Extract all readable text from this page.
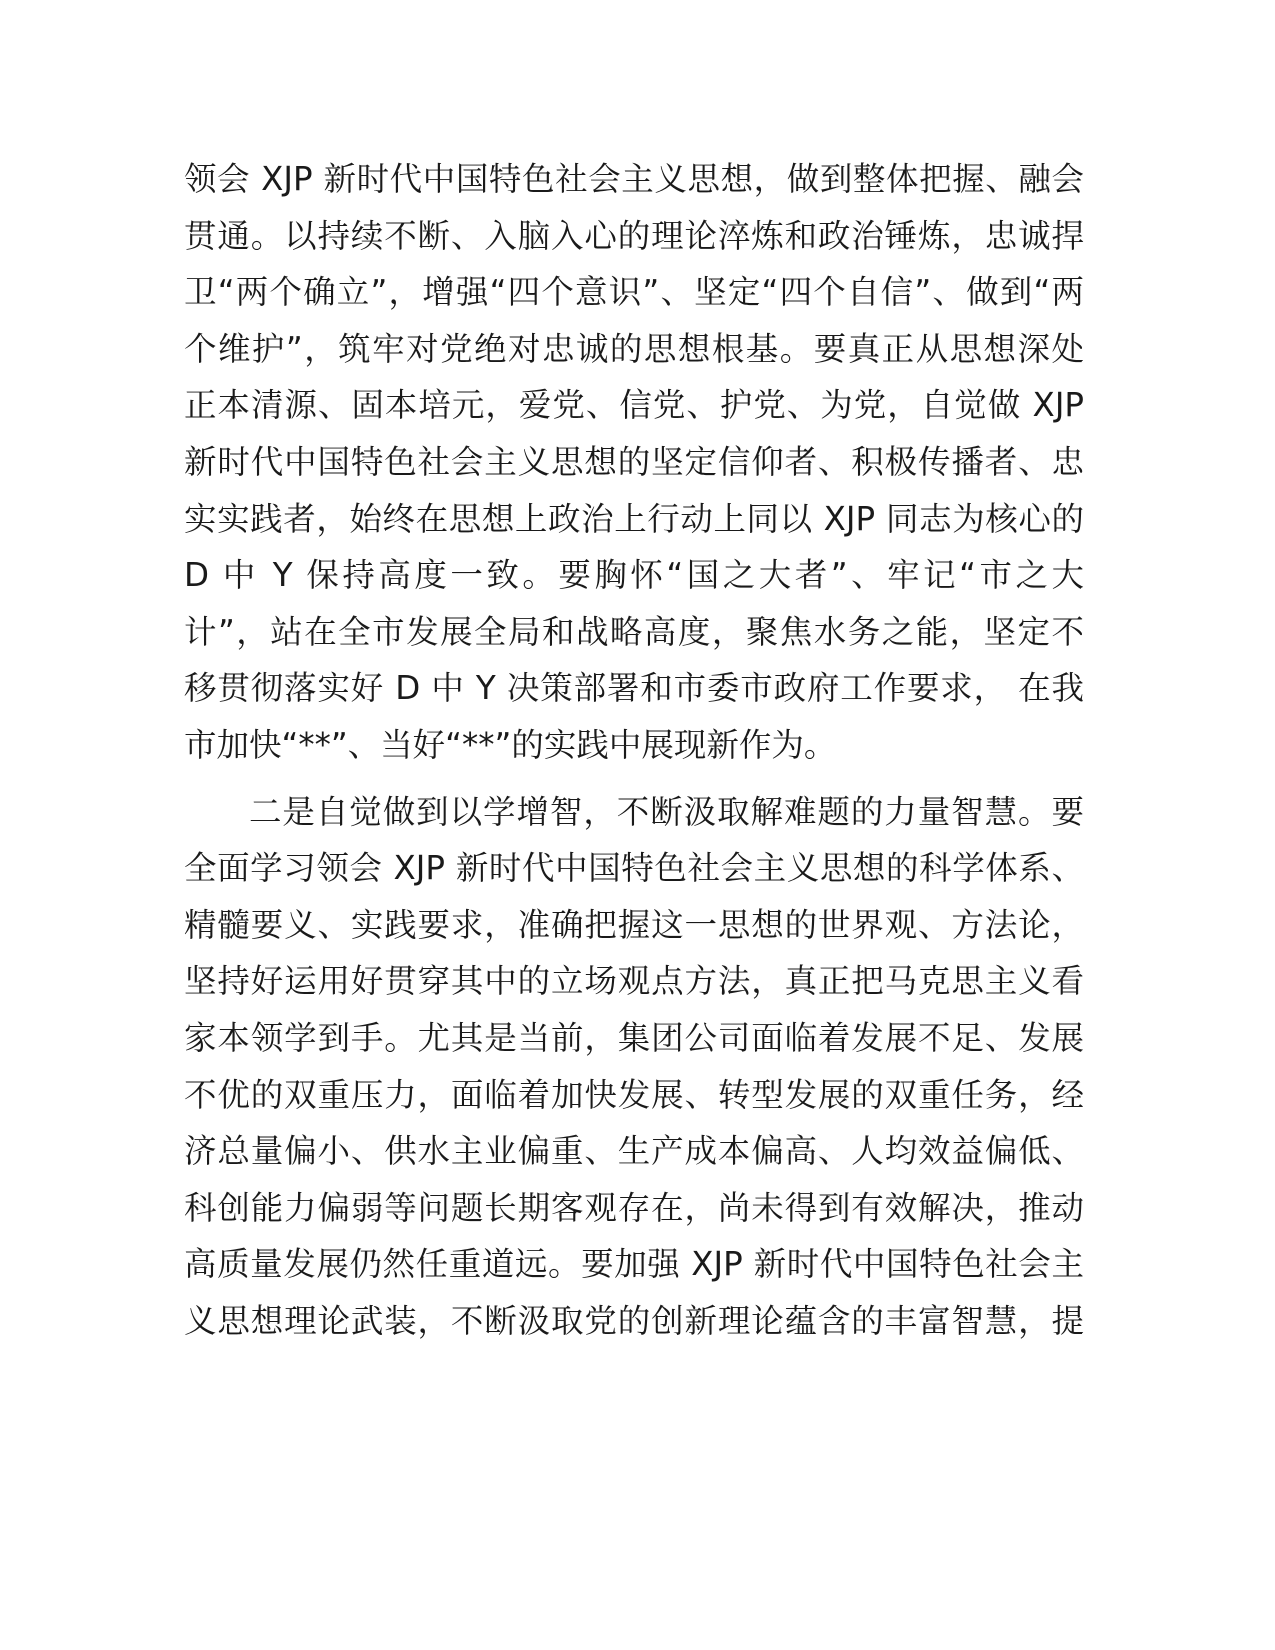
领会 XJP 新时代中国特色社会主义思想，做到整体把握、融会
贯通。以持续不断、入脑入心的理论淬炼和政治锤炼，忠诚捍
卫“两个确立”，增强“四个意识”、坚定“四个自信”、做到“两
个维护”，筑牢对党绝对忠诚的思想根基。要真正从思想深处
正本清源、固本培元，爱党、信党、护党、为党，自觉做 XJP
新时代中国特色社会主义思想的坚定信仰者、积极传播者、忠
实实践者，始终在思想上政治上行动上同以 XJP 同志为核心的
D 中 Y 保持高度一致。要胸怀“国之大者”、牢记“市之大
计”，站在全市发展全局和战略高度，聚焦水务之能，坚定不
移贯彻落实好 D 中 Y 决策部署和市委市政府工作要求， 在我
市加快“**”、当好“**”的实践中展现新作为。
二是自觉做到以学增智，不断汲取解难题的力量智慧。要
全面学习领会 XJP 新时代中国特色社会主义思想的科学体系、
精髓要义、实践要求，准确把握这一思想的世界观、方法论，
坚持好运用好贯穿其中的立场观点方法，真正把马克思主义看
家本领学到手。尤其是当前，集团公司面临着发展不足、发展
不优的双重压力，面临着加快发展、转型发展的双重任务，经
济总量偏小、供水主业偏重、生产成本偏高、人均效益偏低、
科创能力偏弱等问题长期客观存在，尚未得到有效解决，推动
高质量发展仍然任重道远。要加强 XJP 新时代中国特色社会主
义思想理论武装，不断汲取党的创新理论蕴含的丰富智慧，提
